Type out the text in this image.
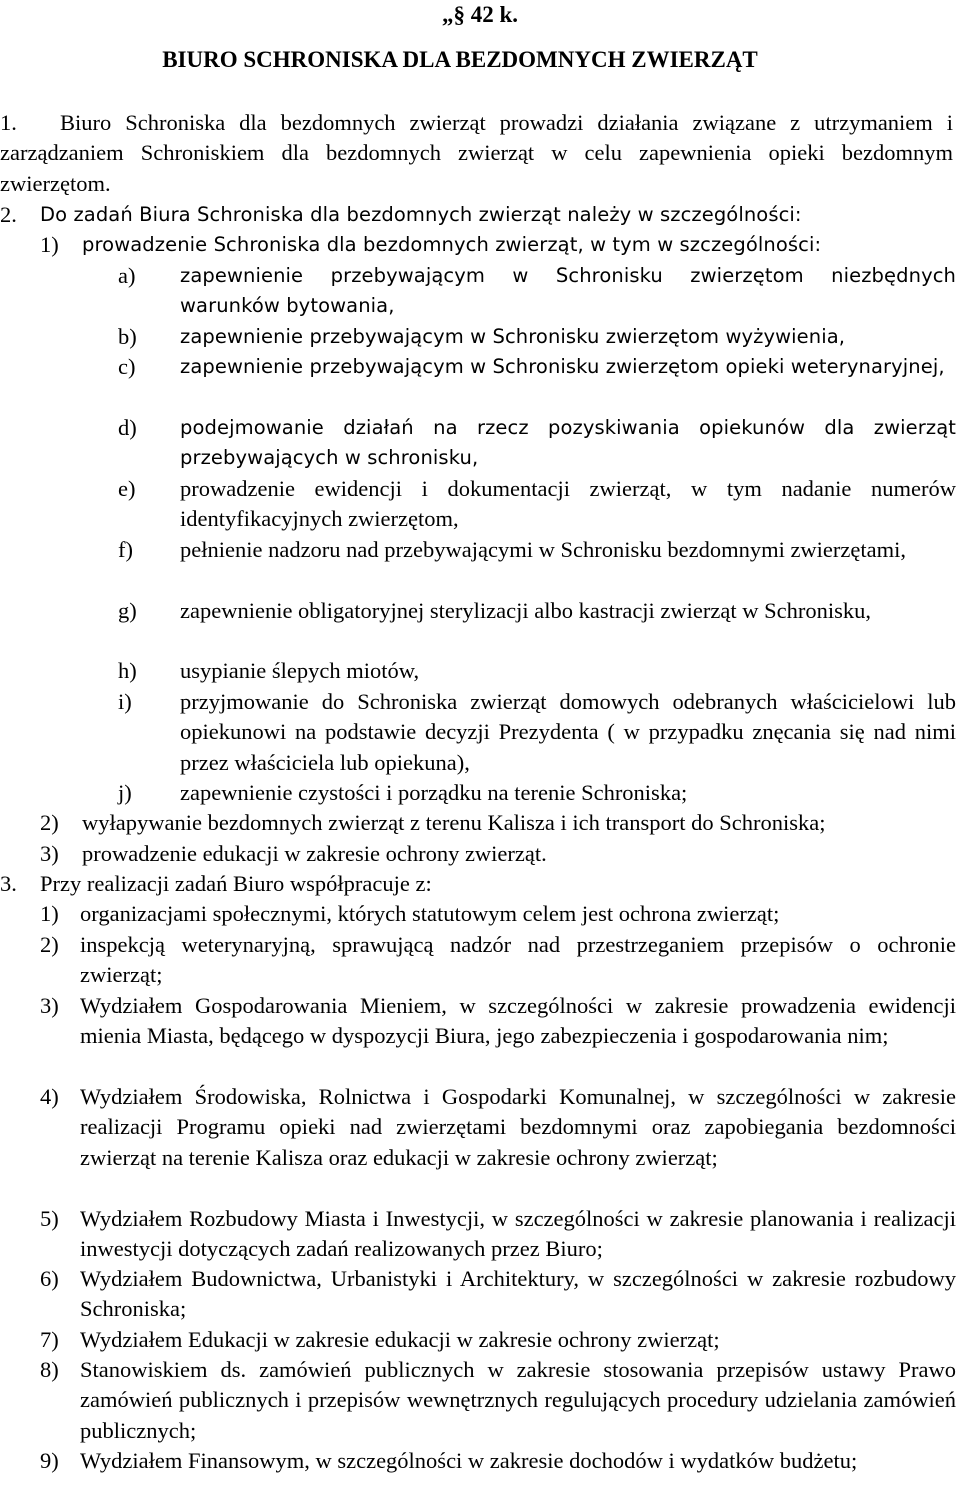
„§ 42 k.
BIURO SCHRONISKA DLA BEZDOMNYCH ZWIERZĄT
1.	Biuro Schroniska dla bezdomnych zwierząt prowadzi działania związane z utrzymaniem i zarządzaniem Schroniskiem dla bezdomnych zwierząt w celu zapewnienia opieki bezdomnym zwierzętom.
2. Do zadań Biura Schroniska dla bezdomnych zwierząt należy w szczególności:
1) prowadzenie Schroniska dla bezdomnych zwierząt, w tym w szczególności:
a) zapewnienie przebywającym w Schronisku zwierzętom niezbędnych warunków bytowania,
b) zapewnienie przebywającym w Schronisku zwierzętom wyżywienia,
c) zapewnienie przebywającym w Schronisku zwierzętom opieki weterynaryjnej,
d) podejmowanie działań na rzecz pozyskiwania opiekunów dla zwierząt przebywających w schronisku,
e) prowadzenie ewidencji i dokumentacji zwierząt, w tym nadanie numerów identyfikacyjnych zwierzętom,
f) pełnienie nadzoru nad przebywającymi w Schronisku bezdomnymi zwierzętami,
g) zapewnienie obligatoryjnej sterylizacji albo kastracji zwierząt w Schronisku,
h) usypianie ślepych miotów,
i) przyjmowanie do Schroniska zwierząt domowych odebranych właścicielowi lub opiekunowi na podstawie decyzji Prezydenta ( w przypadku znęcania się nad nimi przez właściciela lub opiekuna),
j) zapewnienie czystości i porządku na terenie Schroniska;
2) wyłapywanie bezdomnych zwierząt z terenu Kalisza i ich transport do Schroniska;
3) prowadzenie edukacji w zakresie ochrony zwierząt.
3. Przy realizacji zadań Biuro współpracuje z:
1) organizacjami społecznymi, których statutowym celem jest ochrona zwierząt;
2) inspekcją weterynaryjną, sprawującą nadzór nad przestrzeganiem przepisów o ochronie zwierząt;
3) Wydziałem Gospodarowania Mieniem, w szczególności w zakresie prowadzenia ewidencji mienia Miasta, będącego w dyspozycji Biura, jego zabezpieczenia i gospodarowania nim;
4) Wydziałem Środowiska, Rolnictwa i Gospodarki Komunalnej, w szczególności w zakresie realizacji Programu opieki nad zwierzętami bezdomnymi oraz zapobiegania bezdomności zwierząt na terenie Kalisza oraz edukacji w zakresie ochrony zwierząt;
5) Wydziałem Rozbudowy Miasta i Inwestycji, w szczególności w zakresie planowania i realizacji inwestycji dotyczących zadań realizowanych przez Biuro;
6) Wydziałem Budownictwa, Urbanistyki i Architektury, w szczególności w zakresie rozbudowy Schroniska;
7) Wydziałem Edukacji w zakresie edukacji w zakresie ochrony zwierząt;
8) Stanowiskiem ds. zamówień publicznych w zakresie stosowania przepisów ustawy Prawo zamówień publicznych i przepisów wewnętrznych regulujących procedury udzielania zamówień publicznych;
9) Wydziałem Finansowym, w szczególności w zakresie dochodów i wydatków budżetu;
